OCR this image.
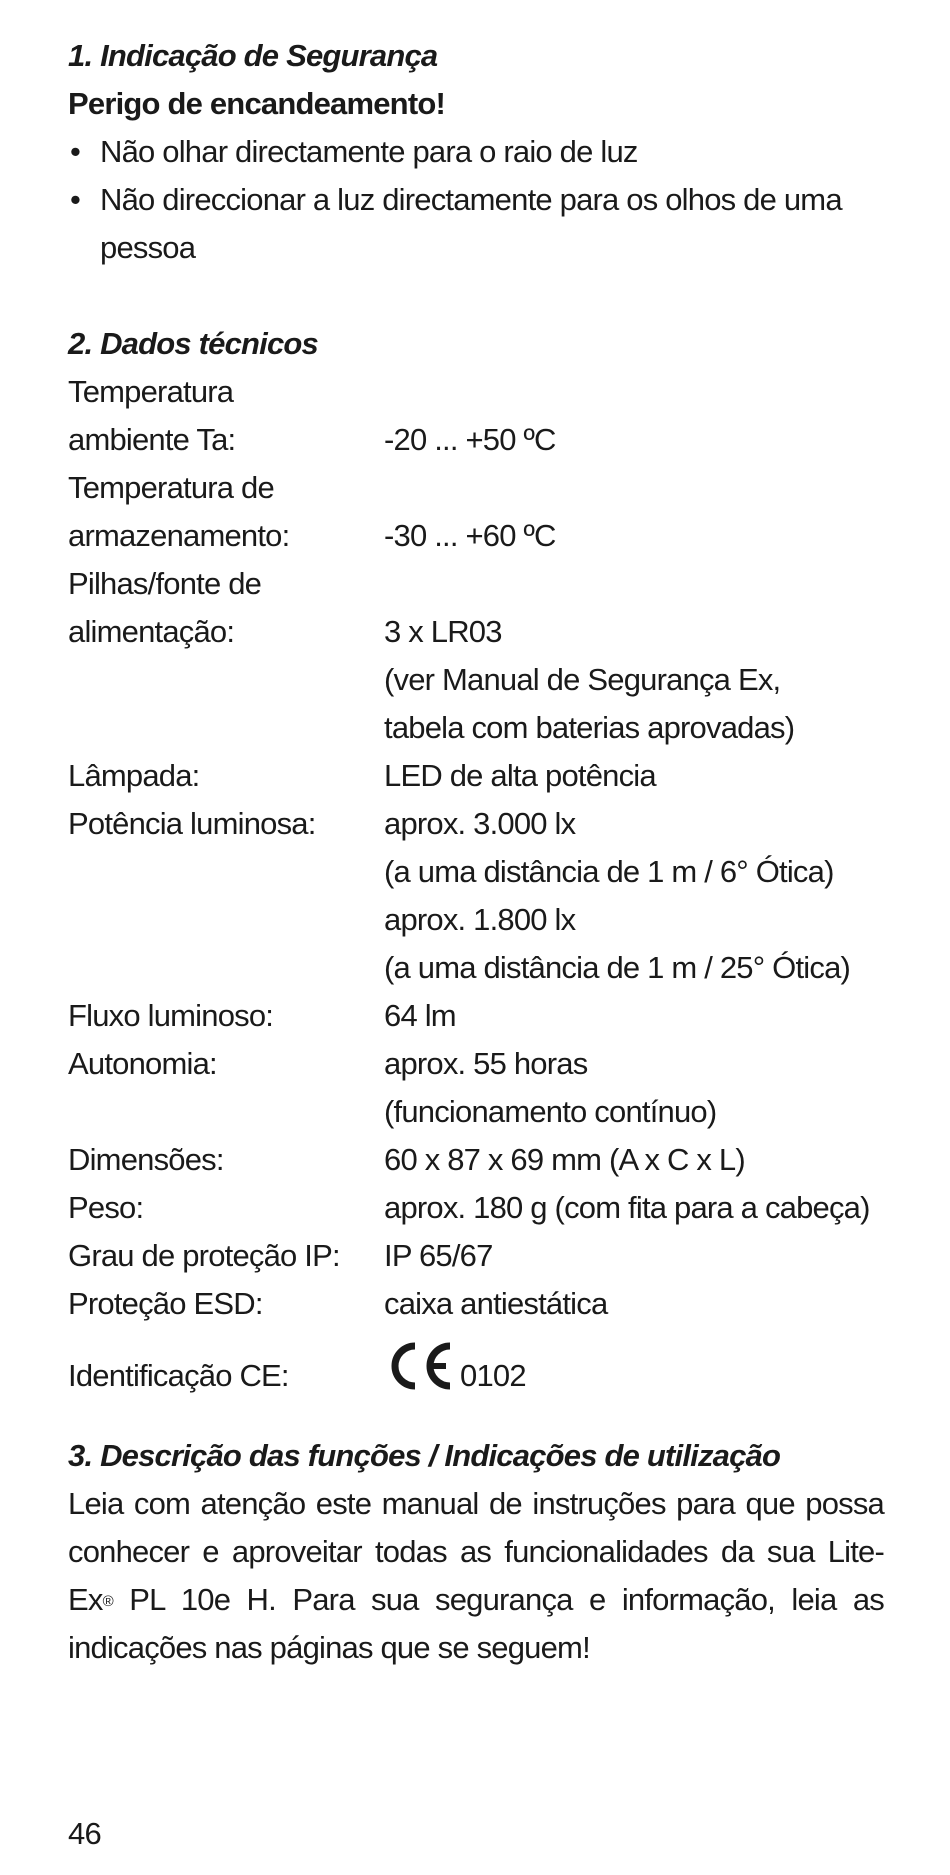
1. Indicação de Segurança

Perigo de encandeamento!

• Não olhar directamente para o raio de luz
• Não direccionar a luz directamente para os olhos de uma pessoa

2. Dados técnicos

Temperatura
ambiente Ta:	-20 ... +50 ºC
Temperatura de
armazenamento:	-30 ... +60 ºC
Pilhas/fonte de
alimentação:	3 x LR03
(ver Manual de Segurança Ex,
tabela com baterias aprovadas)
Lâmpada:	LED de alta potência
Potência luminosa:	aprox. 3.000 lx
(a uma distância de 1 m / 6° Ótica)
aprox. 1.800 lx
(a uma distância de 1 m / 25° Ótica)
Fluxo luminoso:	64 lm
Autonomia:	aprox. 55 horas
(funcionamento contínuo)
Dimensões:	60 x 87 x 69 mm (A x C x L)
Peso:	aprox. 180 g (com fita para a cabeça)
Grau de proteção IP:	IP 65/67
Proteção ESD:	caixa antiestática
Identificação CE:	0102

3. Descrição das funções / Indicações de utilização

Leia com atenção este manual de instruções para que possa conhecer e aproveitar todas as funcionalidades da sua Lite-Ex® PL 10e H. Para sua segurança e informação, leia as indicações nas páginas que se seguem!

46
